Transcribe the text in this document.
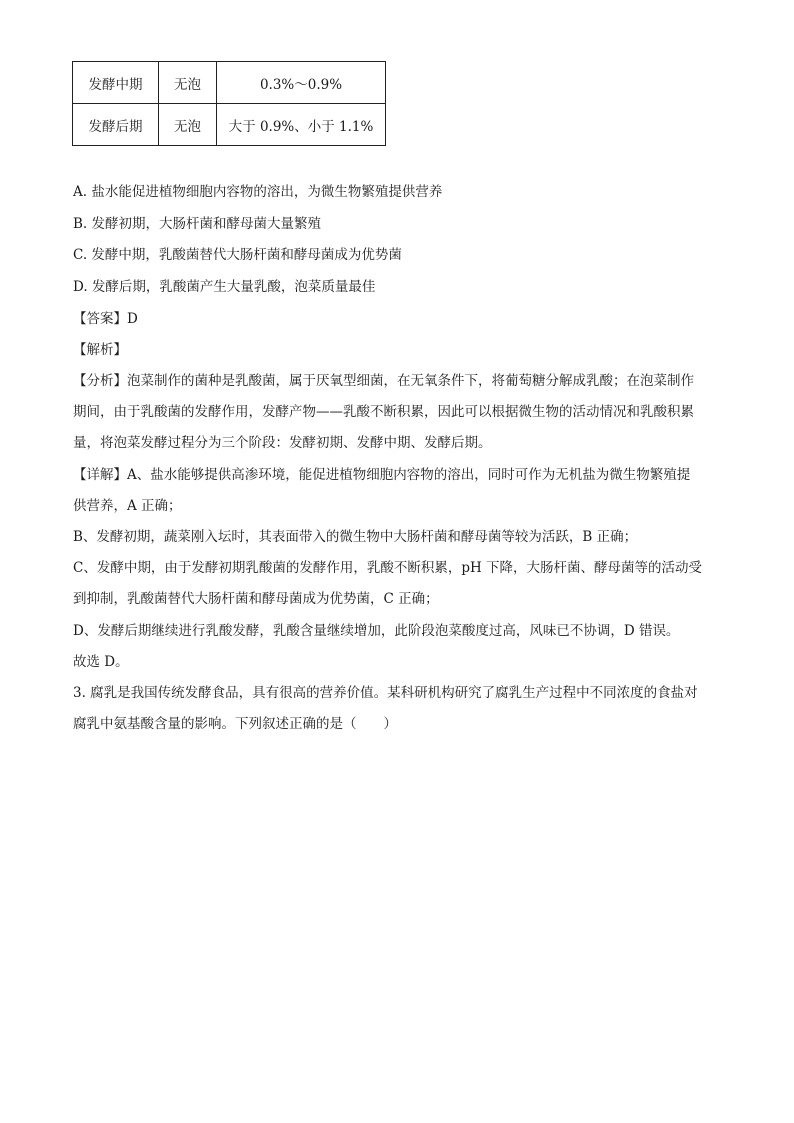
发酵中期	无泡	0.3%～0.9%
发酵后期	无泡	大于 0.9%、小于 1.1%
A. 盐水能促进植物细胞内容物的溶出，为微生物繁殖提供营养
B. 发酵初期，大肠杆菌和酵母菌大量繁殖
C. 发酵中期，乳酸菌替代大肠杆菌和酵母菌成为优势菌
D. 发酵后期，乳酸菌产生大量乳酸，泡菜质量最佳
【答案】D
【解析】
【分析】泡菜制作的菌种是乳酸菌，属于厌氧型细菌，在无氧条件下，将葡萄糖分解成乳酸；在泡菜制作
期间，由于乳酸菌的发酵作用，发酵产物——乳酸不断积累，因此可以根据微生物的活动情况和乳酸积累
量，将泡菜发酵过程分为三个阶段：发酵初期、发酵中期、发酵后期。
【详解】A、盐水能够提供高渗环境，能促进植物细胞内容物的溶出，同时可作为无机盐为微生物繁殖提
供营养，A 正确；
B、发酵初期，蔬菜刚入坛时，其表面带入的微生物中大肠杆菌和酵母菌等较为活跃，B 正确；
C、发酵中期，由于发酵初期乳酸菌的发酵作用，乳酸不断积累，pH 下降，大肠杆菌、酵母菌等的活动受
到抑制，乳酸菌替代大肠杆菌和酵母菌成为优势菌，C 正确；
D、发酵后期继续进行乳酸发酵，乳酸含量继续增加，此阶段泡菜酸度过高，风味已不协调，D 错误。
故选 D。
3. 腐乳是我国传统发酵食品，具有很高的营养价值。某科研机构研究了腐乳生产过程中不同浓度的食盐对
腐乳中氨基酸含量的影响。下列叙述正确的是（　　）
